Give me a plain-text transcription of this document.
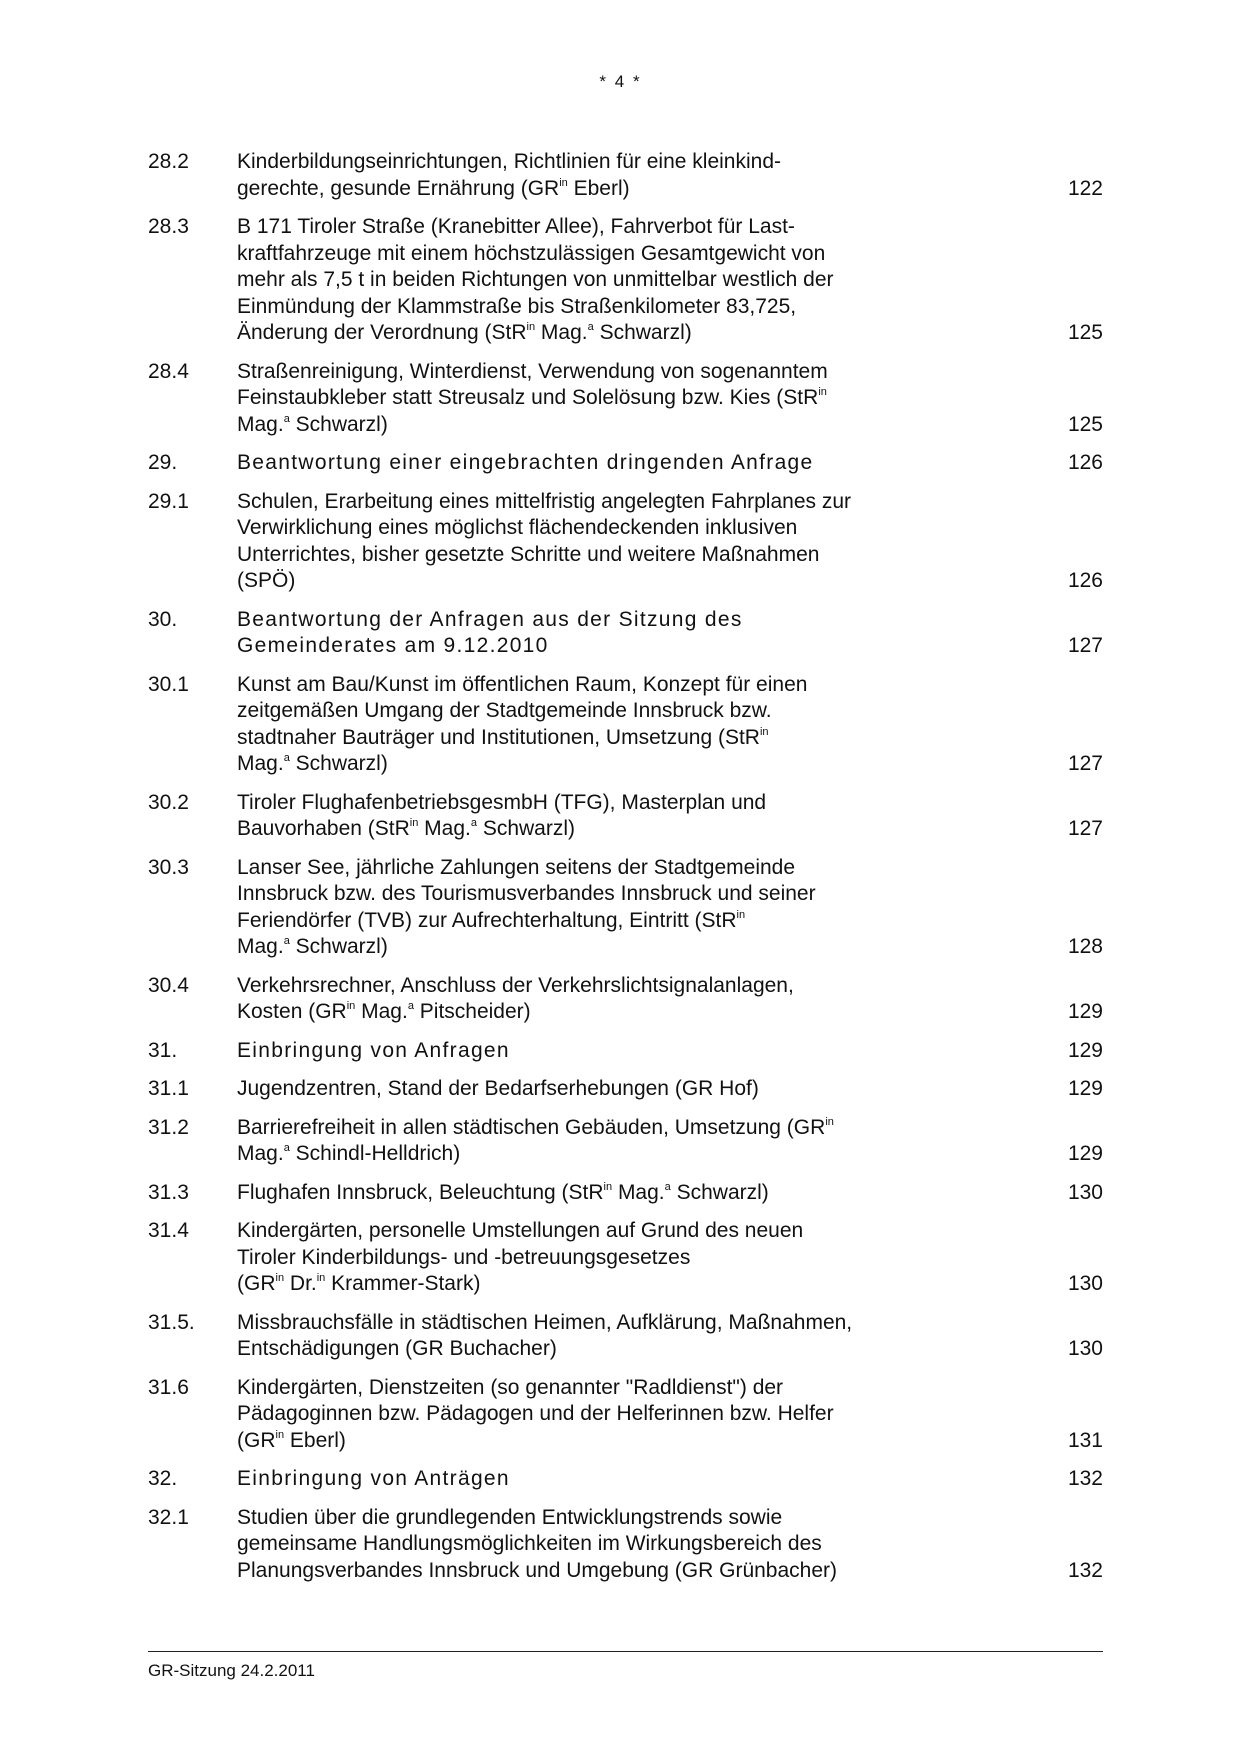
* 4 *
28.2 Kinderbildungseinrichtungen, Richtlinien für eine kleinkind-
gerechte, gesunde Ernährung ($GR^{in}$ Eberl)	122
28.3 B 171 Tiroler Straße (Kranebitter Allee), Fahrverbot für Last-
kraftfahrzeuge mit einem höchstzulässigen Gesamtgewicht von
mehr als 7,5 t in beiden Richtungen von unmittelbar westlich der
Einmündung der Klammstraße bis Straßenkilometer 83,725,
Änderung der Verordnung (StR$^{in}$ Mag.$^a$ Schwarzl)	125
28.4 Straßenreinigung, Winterdienst, Verwendung von sogenanntem
Feinstaubkleber statt Streusalz und Solelösung bzw. Kies (StR$^{in}$
Mag.$^a$ Schwarzl)	125
29.	Beantwortung einer eingebrachten dringenden Anfrage	126
29.1 Schulen, Erarbeitung eines mittelfristig angelegten Fahrplanes zur
Verwirklichung eines möglichst flächendeckenden inklusiven
Unterrichtes, bisher gesetzte Schritte und weitere Maßnahmen
(SPÖ)	126
30.	Beantwortung der Anfragen aus der Sitzung des
Gemeinderates am 9.12.2010	127
30.1 Kunst am Bau/Kunst im öffentlichen Raum, Konzept für einen
zeitgemäßen Umgang der Stadtgemeinde Innsbruck bzw.
stadtnaher Bauträger und Institutionen, Umsetzung (StR$^{in}$
Mag.$^a$ Schwarzl)	127
30.2 Tiroler FlughafenbetriebsgesmbH (TFG), Masterplan und
Bauvorhaben (StR$^{in}$ Mag.$^a$ Schwarzl)	127
30.3 Lanser See, jährliche Zahlungen seitens der Stadtgemeinde
Innsbruck bzw. des Tourismusverbandes Innsbruck und seiner
Feriendörfer (TVB) zur Aufrechterhaltung, Eintritt (StR$^{in}$
Mag.$^a$ Schwarzl)	128
30.4 Verkehrsrechner, Anschluss der Verkehrslichtsignalanlagen,
Kosten ($GR^{in}$ Mag.$^a$ Pitscheider)	129
31.	Einbringung von Anfragen	129
31.1 Jugendzentren, Stand der Bedarfserhebungen (GR Hof)	129
31.2 Barrierefreiheit in allen städtischen Gebäuden, Umsetzung ($GR^{in}$
Mag.$^a$ Schindl-Helldrich)	129
31.3 Flughafen Innsbruck, Beleuchtung (StR$^{in}$ Mag.$^a$ Schwarzl)	130
31.4 Kindergärten, personelle Umstellungen auf Grund des neuen
Tiroler Kinderbildungs- und -betreuungsgesetzes
($GR^{in}$ Dr.$^{in}$ Krammer-Stark)	130
31.5. Missbrauchsfälle in städtischen Heimen, Aufklärung, Maßnahmen,
Entschädigungen (GR Buchacher)	130
31.6 Kindergärten, Dienstzeiten (so genannter "Radldienst") der
Pädagoginnen bzw. Pädagogen und der Helferinnen bzw. Helfer
($GR^{in}$ Eberl)	131
32.	Einbringung von Anträgen	132
32.1 Studien über die grundlegenden Entwicklungstrends sowie
gemeinsame Handlungsmöglichkeiten im Wirkungsbereich des
Planungsverbandes Innsbruck und Umgebung (GR Grünbacher)	132
GR-Sitzung 24.2.2011
